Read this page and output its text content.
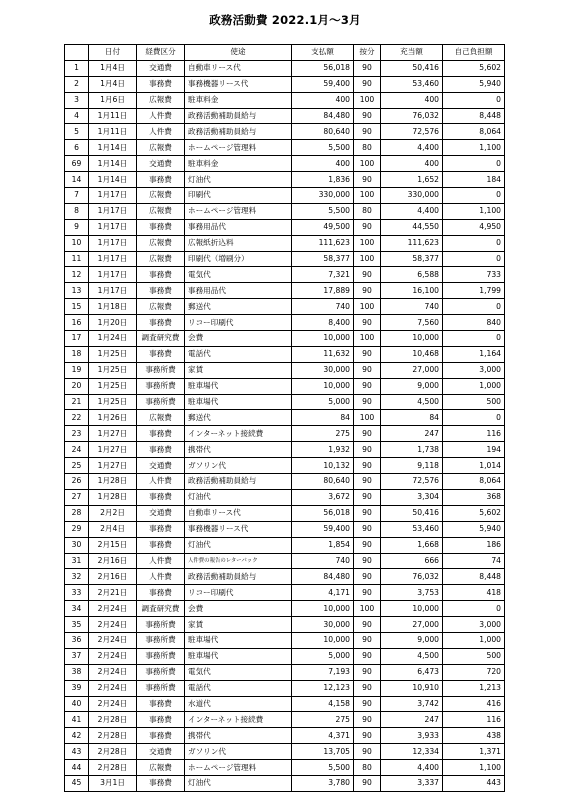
政務活動費 2022.1月～3月
	日付	経費区分	使途	支払額	按分	充当額	自己負担額
1	1月4日	交通費	自動車リース代	56,018	90	50,416	5,602
2	1月4日	事務費	事務機器リース代	59,400	90	53,460	5,940
3	1月6日	広報費	駐車料金	400	100	400	0
4	1月11日	人件費	政務活動補助員給与	84,480	90	76,032	8,448
5	1月11日	人件費	政務活動補助員給与	80,640	90	72,576	8,064
6	1月14日	広報費	ホームページ管理料	5,500	80	4,400	1,100
69	1月14日	交通費	駐車料金	400	100	400	0
14	1月14日	事務費	灯油代	1,836	90	1,652	184
7	1月17日	広報費	印刷代	330,000	100	330,000	0
8	1月17日	広報費	ホームページ管理料	5,500	80	4,400	1,100
9	1月17日	事務費	事務用品代	49,500	90	44,550	4,950
10	1月17日	広報費	広報紙折込料	111,623	100	111,623	0
11	1月17日	広報費	印刷代（増刷分）	58,377	100	58,377	0
12	1月17日	事務費	電気代	7,321	90	6,588	733
13	1月17日	事務費	事務用品代	17,889	90	16,100	1,799
15	1月18日	広報費	郵送代	740	100	740	0
16	1月20日	事務費	リコー印刷代	8,400	90	7,560	840
17	1月24日	調査研究費	会費	10,000	100	10,000	0
18	1月25日	事務費	電話代	11,632	90	10,468	1,164
19	1月25日	事務所費	家賃	30,000	90	27,000	3,000
20	1月25日	事務所費	駐車場代	10,000	90	9,000	1,000
21	1月25日	事務所費	駐車場代	5,000	90	4,500	500
22	1月26日	広報費	郵送代	84	100	84	0
23	1月27日	事務費	インターネット接続費	275	90	247	116
24	1月27日	事務費	携帯代	1,932	90	1,738	194
25	1月27日	交通費	ガソリン代	10,132	90	9,118	1,014
26	1月28日	人件費	政務活動補助員給与	80,640	90	72,576	8,064
27	1月28日	事務費	灯油代	3,672	90	3,304	368
28	2月2日	交通費	自動車リース代	56,018	90	50,416	5,602
29	2月4日	事務費	事務機器リース代	59,400	90	53,460	5,940
30	2月15日	事務費	灯油代	1,854	90	1,668	186
31	2月16日	人件費	人件費の報告のレターパック	740	90	666	74
32	2月16日	人件費	政務活動補助員給与	84,480	90	76,032	8,448
33	2月21日	事務費	リコー印刷代	4,171	90	3,753	418
34	2月24日	調査研究費	会費	10,000	100	10,000	0
35	2月24日	事務所費	家賃	30,000	90	27,000	3,000
36	2月24日	事務所費	駐車場代	10,000	90	9,000	1,000
37	2月24日	事務所費	駐車場代	5,000	90	4,500	500
38	2月24日	事務所費	電気代	7,193	90	6,473	720
39	2月24日	事務所費	電話代	12,123	90	10,910	1,213
40	2月24日	事務費	水道代	4,158	90	3,742	416
41	2月28日	事務費	インターネット接続費	275	90	247	116
42	2月28日	事務費	携帯代	4,371	90	3,933	438
43	2月28日	交通費	ガソリン代	13,705	90	12,334	1,371
44	2月28日	広報費	ホームページ管理料	5,500	80	4,400	1,100
45	3月1日	事務費	灯油代	3,780	90	3,337	443
